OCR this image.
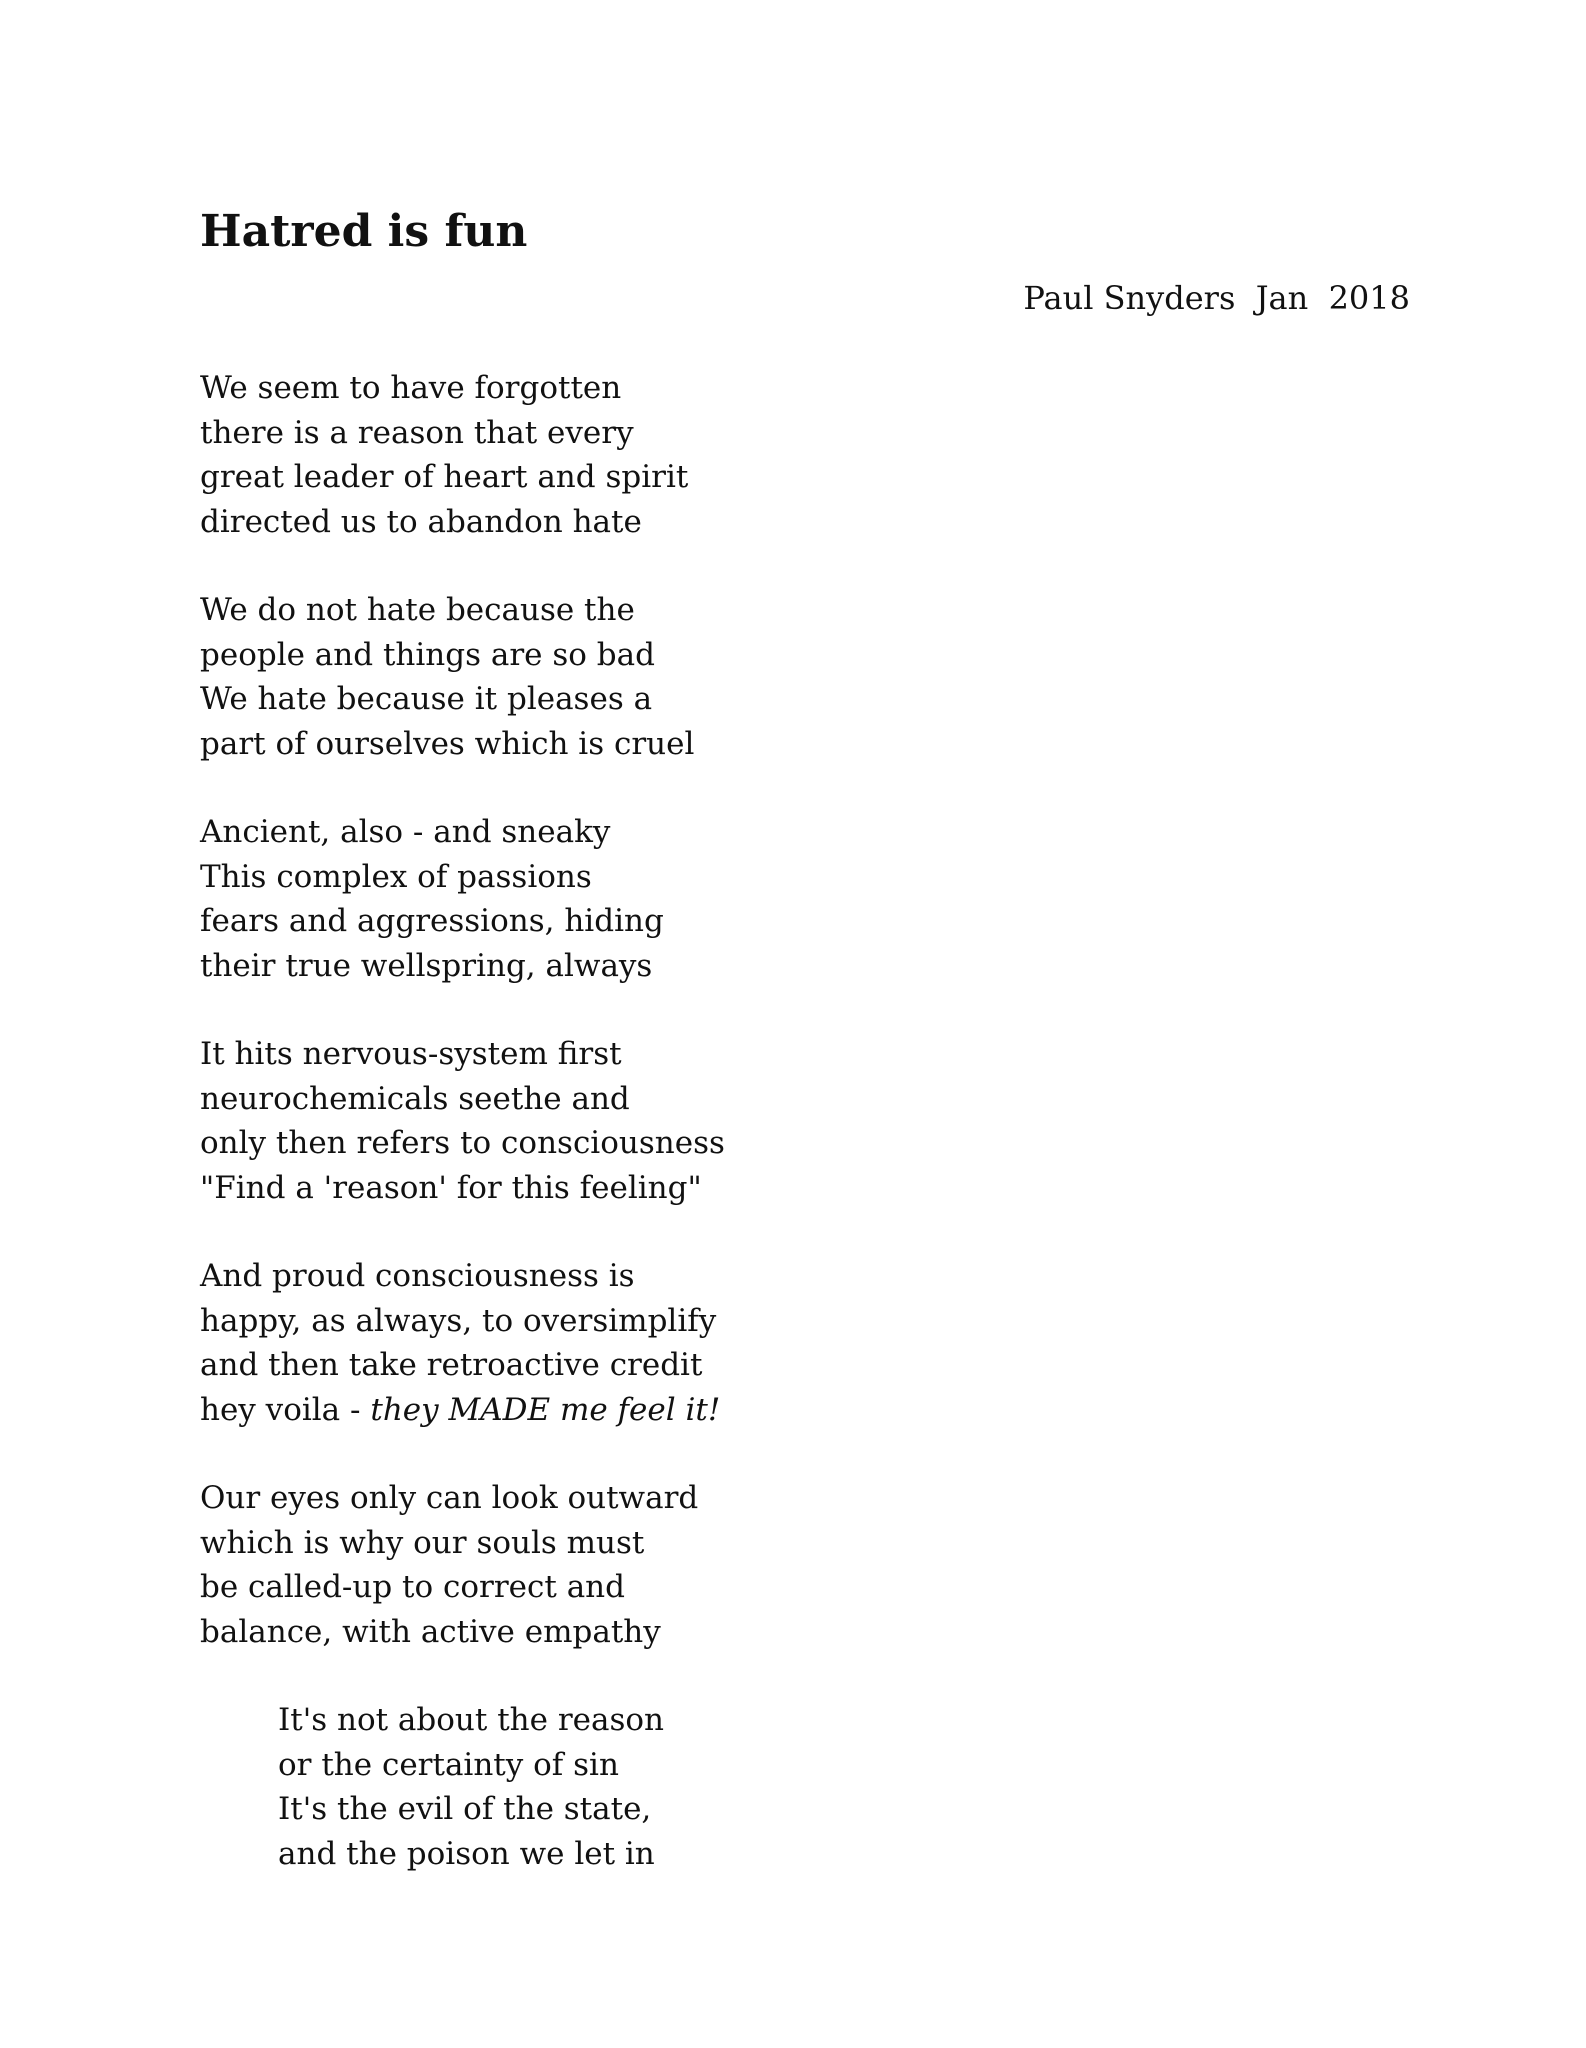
Hatred is fun
Paul Snyders  Jan  2018
We seem to have forgotten
there is a reason that every
great leader of heart and spirit
directed us to abandon hate
We do not hate because the
people and things are so bad
We hate because it pleases a
part of ourselves which is cruel
Ancient, also - and sneaky
This complex of passions
fears and aggressions, hiding
their true wellspring, always
It hits nervous-system first
neurochemicals seethe and
only then refers to consciousness
"Find a 'reason' for this feeling"
And proud consciousness is
happy, as always, to oversimplify
and then take retroactive credit
hey voila - they MADE me feel it!
Our eyes only can look outward
which is why our souls must
be called-up to correct and
balance, with active empathy
It's not about the reason
or the certainty of sin
It's the evil of the state,
and the poison we let in
